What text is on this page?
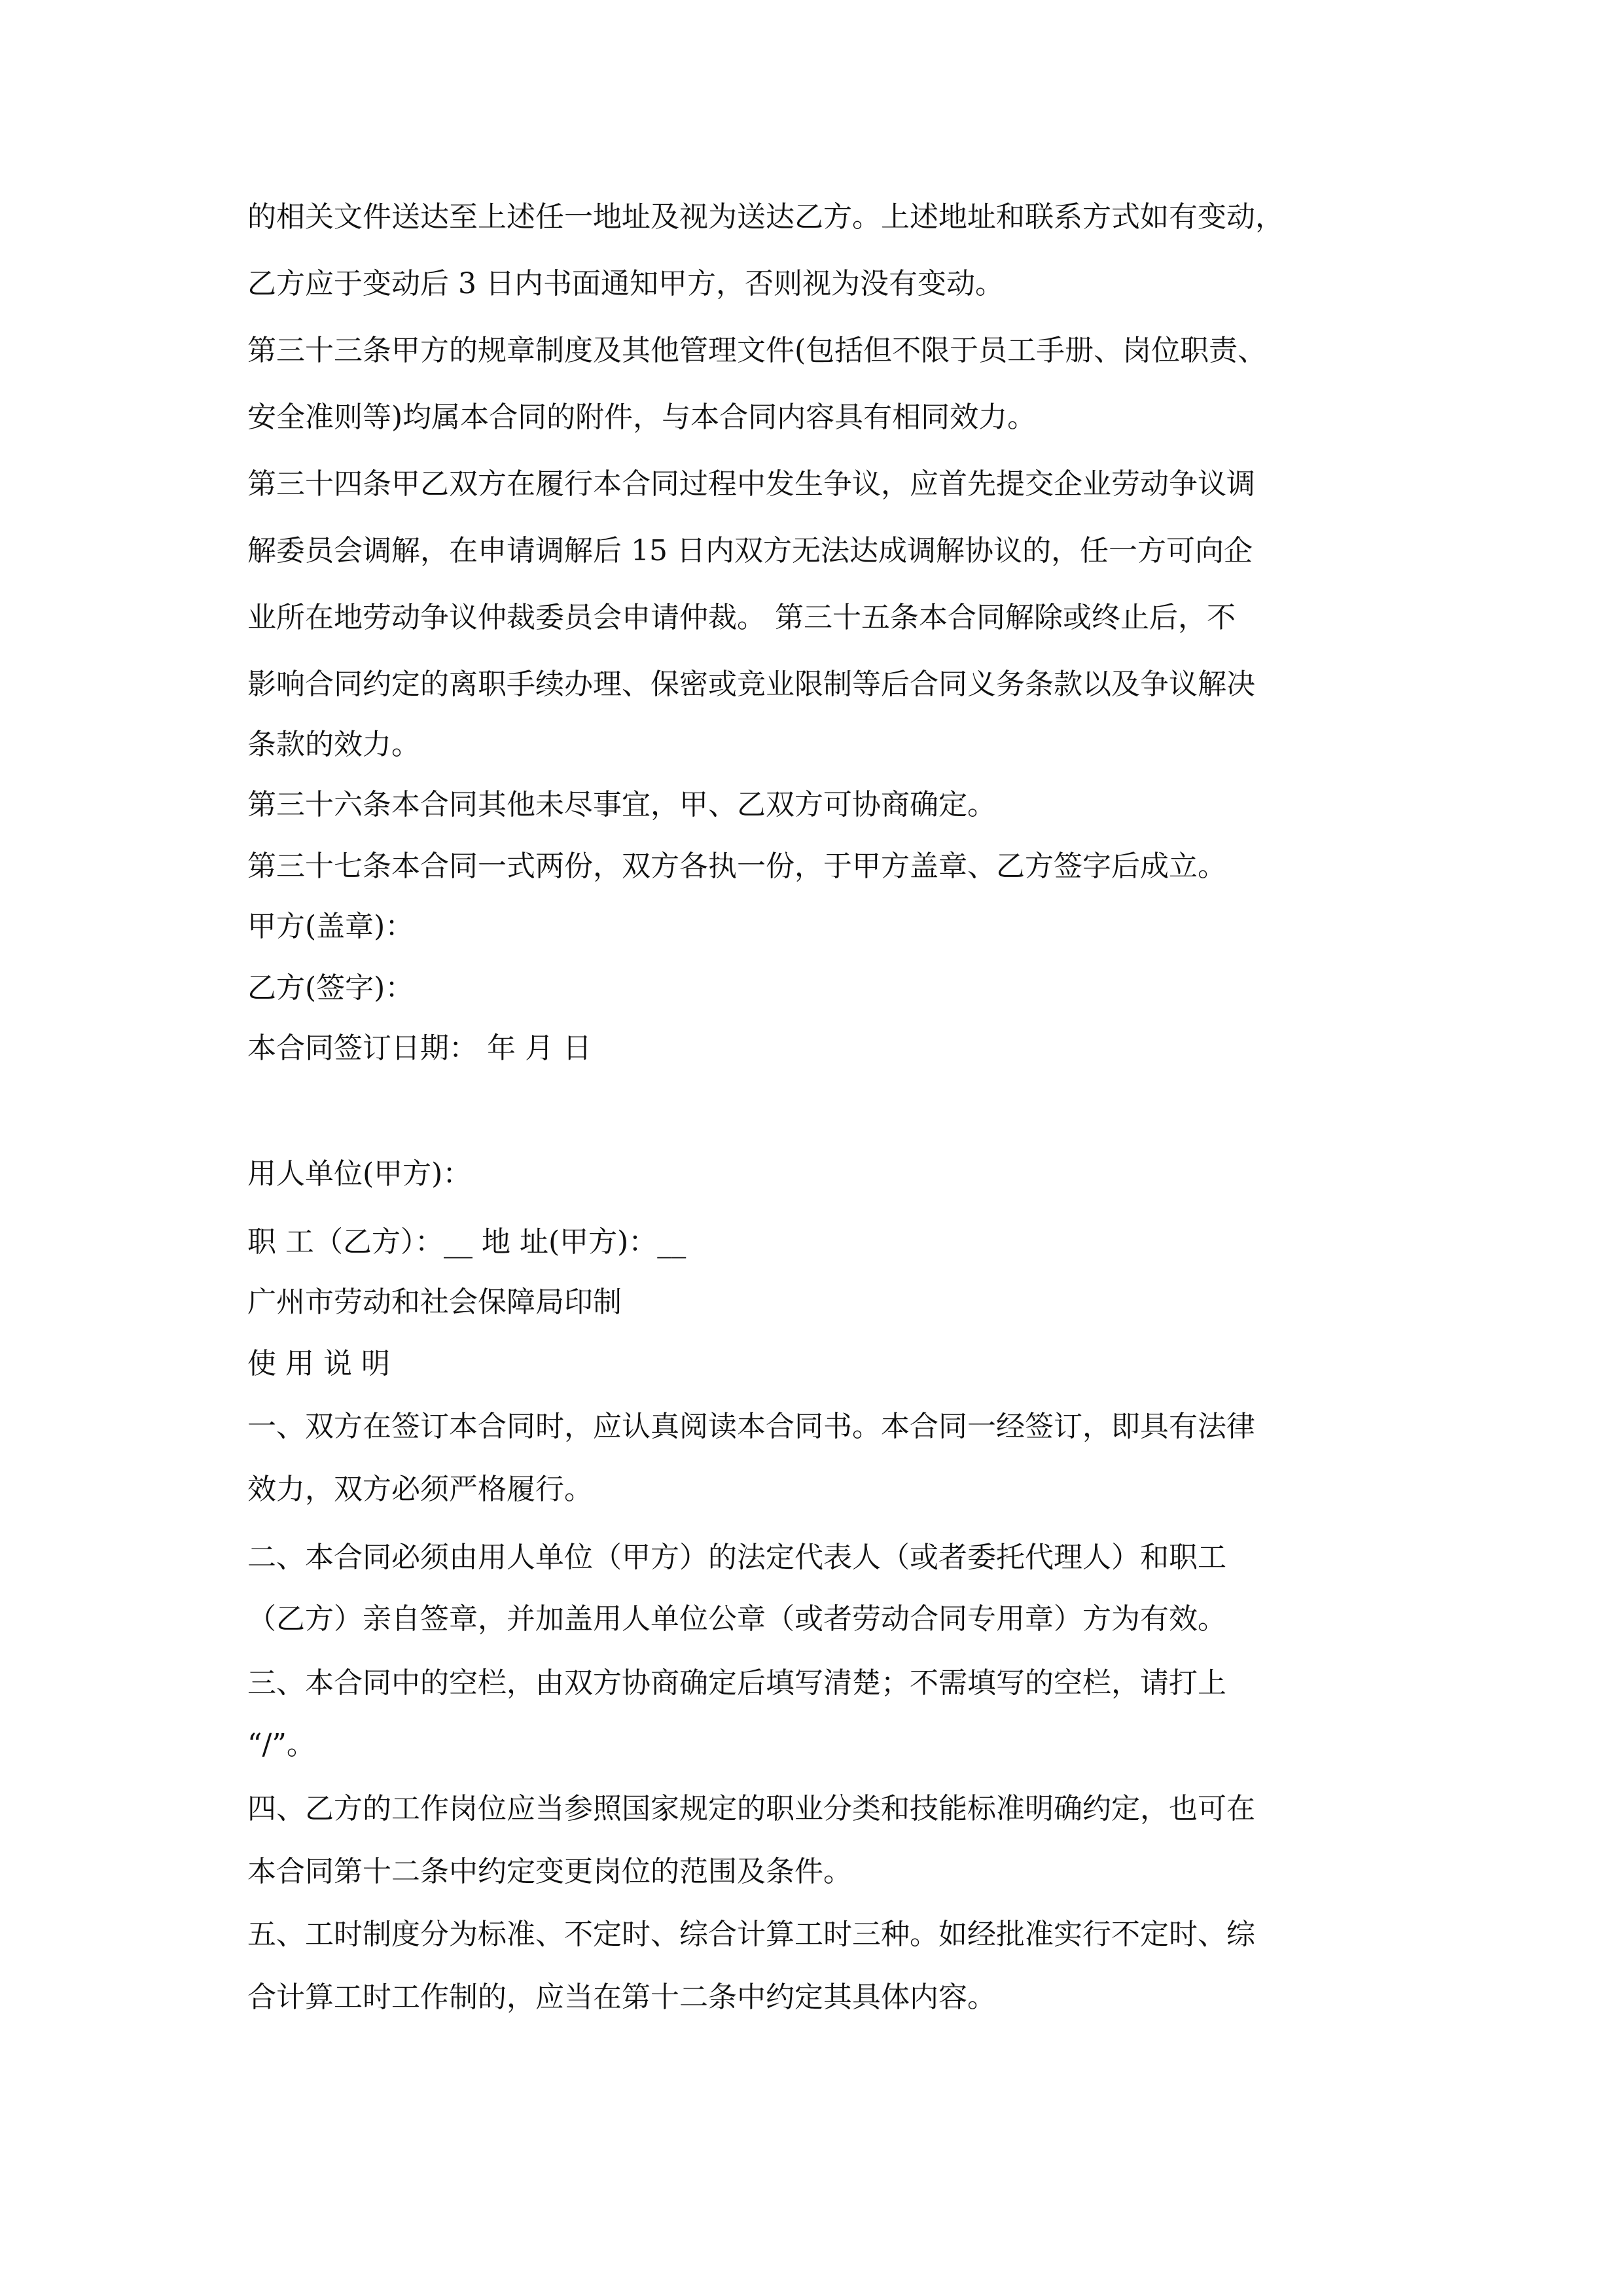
的相关文件送达至上述任一地址及视为送达乙方。上述地址和联系方式如有变动，

乙方应于变动后 3 日内书面通知甲方，否则视为没有变动。

第三十三条甲方的规章制度及其他管理文件(包括但不限于员工手册、岗位职责、

安全准则等)均属本合同的附件，与本合同内容具有相同效力。

第三十四条甲乙双方在履行本合同过程中发生争议，应首先提交企业劳动争议调

解委员会调解，在申请调解后 15 日内双方无法达成调解协议的，任一方可向企

业所在地劳动争议仲裁委员会申请仲裁。 第三十五条本合同解除或终止后，不

影响合同约定的离职手续办理、保密或竞业限制等后合同义务条款以及争议解决

条款的效力。

第三十六条本合同其他未尽事宜，甲、乙双方可协商确定。

第三十七条本合同一式两份，双方各执一份，于甲方盖章、乙方签字后成立。

甲方(盖章)：

乙方(签字)：

本合同签订日期： 年 月 日

用人单位(甲方)：

职 工（乙方）：__ 地 址(甲方)：__

广州市劳动和社会保障局印制

使 用 说 明

一、双方在签订本合同时，应认真阅读本合同书。本合同一经签订，即具有法律

效力，双方必须严格履行。

二、本合同必须由用人单位（甲方）的法定代表人（或者委托代理人）和职工

（乙方）亲自签章，并加盖用人单位公章（或者劳动合同专用章）方为有效。

三、本合同中的空栏，由双方协商确定后填写清楚；不需填写的空栏，请打上

“/”。

四、乙方的工作岗位应当参照国家规定的职业分类和技能标准明确约定，也可在

本合同第十二条中约定变更岗位的范围及条件。

五、工时制度分为标准、不定时、综合计算工时三种。如经批准实行不定时、综

合计算工时工作制的，应当在第十二条中约定其具体内容。
